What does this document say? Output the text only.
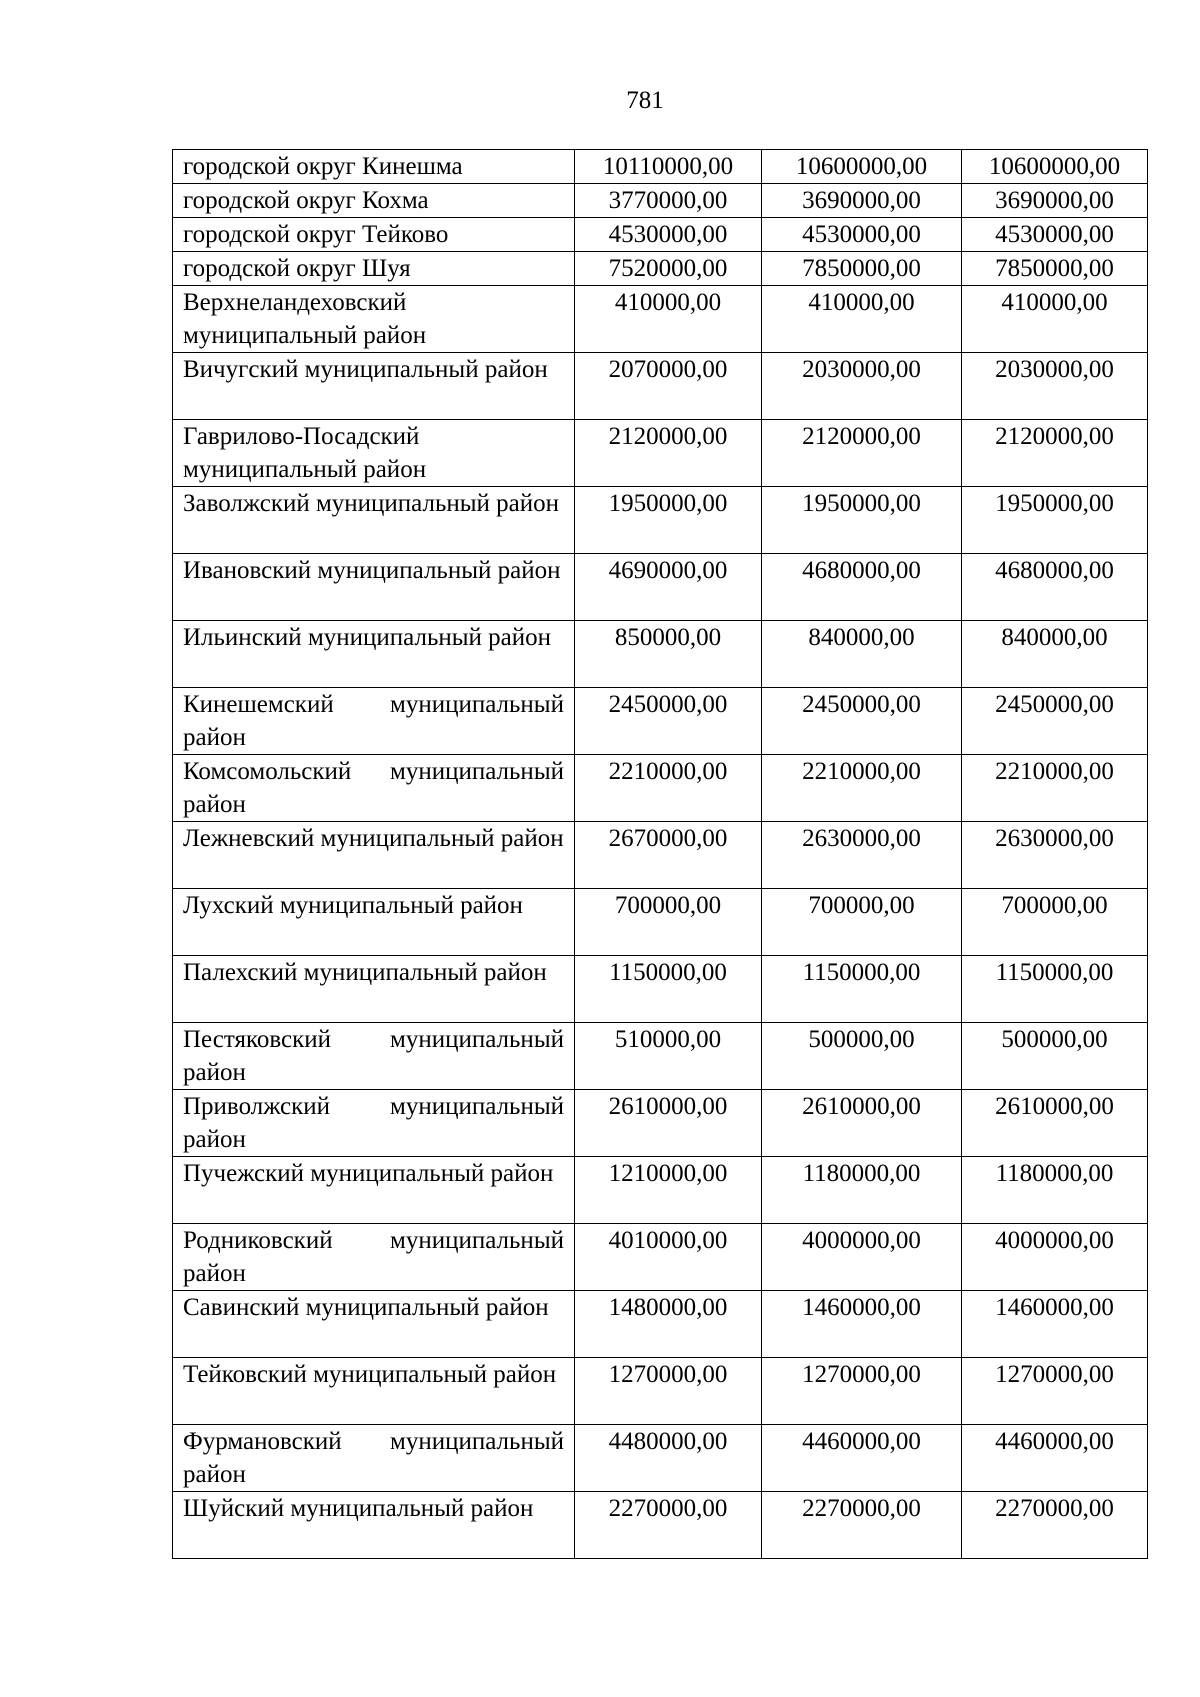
781
городской округ Кинешма	10110000,00	10600000,00	10600000,00
городской округ Кохма	3770000,00	3690000,00	3690000,00
городской округ Тейково	4530000,00	4530000,00	4530000,00
городской округ Шуя	7520000,00	7850000,00	7850000,00
Верхнеландеховский муниципальный район	410000,00	410000,00	410000,00
Вичугский муниципальный район	2070000,00	2030000,00	2030000,00
Гаврилово-Посадский муниципальный район	2120000,00	2120000,00	2120000,00
Заволжский муниципальный район	1950000,00	1950000,00	1950000,00
Ивановский муниципальный район	4690000,00	4680000,00	4680000,00
Ильинский муниципальный район	850000,00	840000,00	840000,00
Кинешемский муниципальный район	2450000,00	2450000,00	2450000,00
Комсомольский муниципальный район	2210000,00	2210000,00	2210000,00
Лежневский муниципальный район	2670000,00	2630000,00	2630000,00
Лухский муниципальный район	700000,00	700000,00	700000,00
Палехский муниципальный район	1150000,00	1150000,00	1150000,00
Пестяковский муниципальный район	510000,00	500000,00	500000,00
Приволжский муниципальный район	2610000,00	2610000,00	2610000,00
Пучежский муниципальный район	1210000,00	1180000,00	1180000,00
Родниковский муниципальный район	4010000,00	4000000,00	4000000,00
Савинский муниципальный район	1480000,00	1460000,00	1460000,00
Тейковский муниципальный район	1270000,00	1270000,00	1270000,00
Фурмановский муниципальный район	4480000,00	4460000,00	4460000,00
Шуйский муниципальный район	2270000,00	2270000,00	2270000,00
